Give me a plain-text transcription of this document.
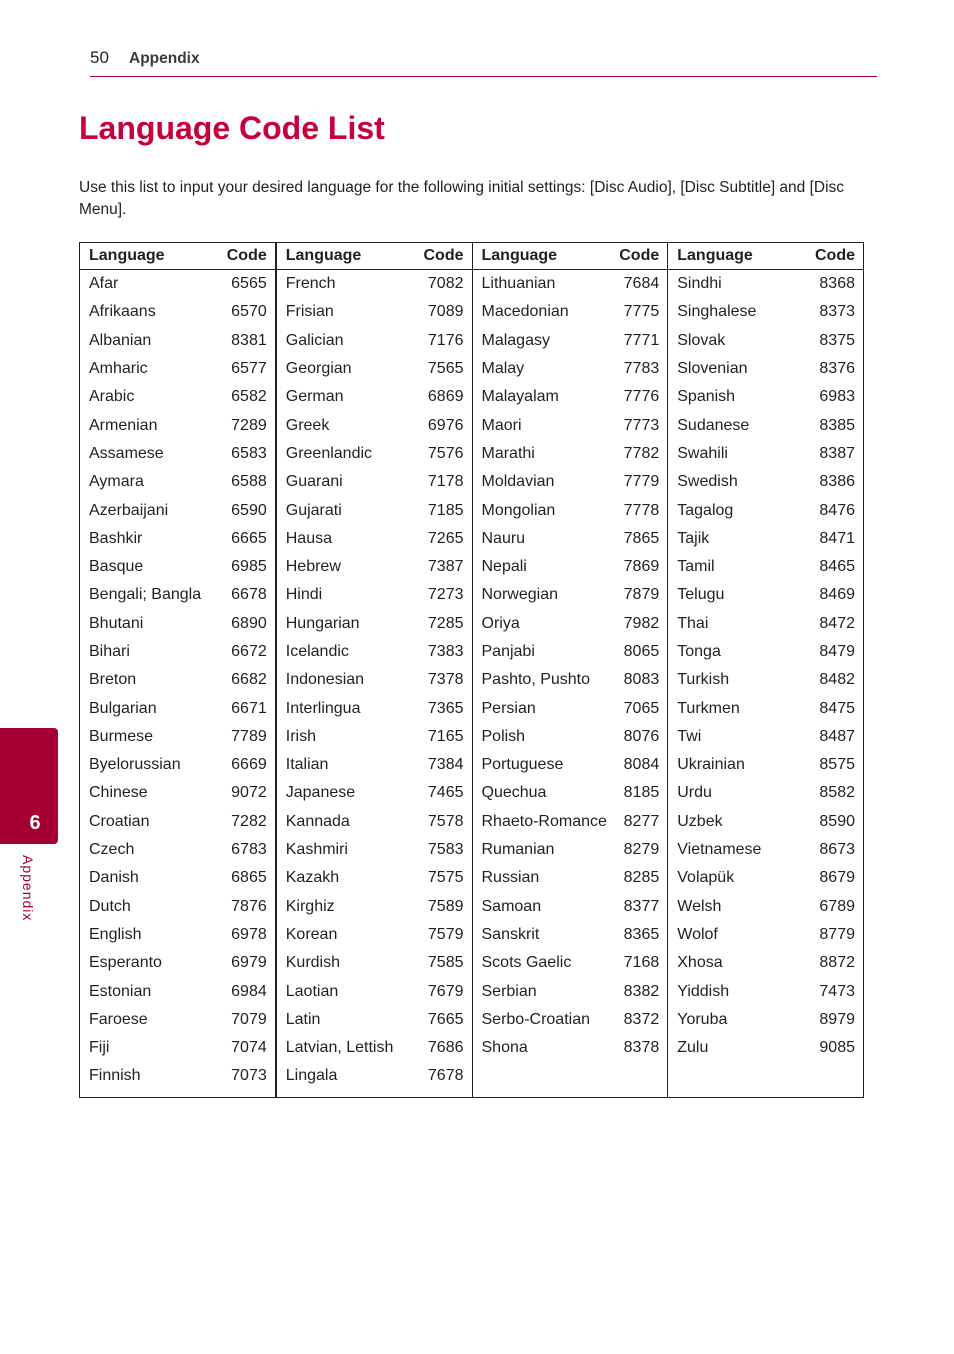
50 Appendix
Language Code List

Use this list to input your desired language for the following initial settings: [Disc Audio], [Disc Subtitle] and [Disc Menu].

Language	Code
Afar	6565
Afrikaans	6570
Albanian	8381
Amharic	6577
Arabic	6582
Armenian	7289
Assamese	6583
Aymara	6588
Azerbaijani	6590
Bashkir	6665
Basque	6985
Bengali; Bangla 6678
Bhutani	6890
Bihari	6672
Breton	6682
Bulgarian	6671
Burmese	7789
Byelorussian	6669
Chinese	9072
Croatian	7282
Czech	6783
Danish	6865
Dutch	7876
English	6978
Esperanto	6979
Estonian	6984
Faroese	7079
Fiji	7074
Finnish	7073
Language	Code
French	7082
Frisian	7089
Galician	7176
Georgian	7565
German	6869
Greek	6976
Greenlandic	7576
Guarani	7178
Gujarati	7185
Hausa	7265
Hebrew	7387
Hindi	7273
Hungarian	7285
Icelandic	7383
Indonesian	7378
Interlingua	7365
Irish	7165
Italian	7384
Japanese	7465
Kannada	7578
Kashmiri	7583
Kazakh	7575
Kirghiz	7589
Korean	7579
Kurdish	7585
Laotian	7679
Latin	7665
Latvian, Lettish 7686
Lingala	7678
Language	Code
Lithuanian	7684
Macedonian	7775
Malagasy	7771
Malay	7783
Malayalam	7776
Maori	7773
Marathi	7782
Moldavian	7779
Mongolian	7778
Nauru	7865
Nepali	7869
Norwegian	7879
Oriya	7982
Panjabi	8065
Pashto, Pushto 8083
Persian	7065
Polish	8076
Portuguese	8084
Quechua	8185
Rhaeto-Romance 8277
Rumanian	8279
Russian	8285
Samoan	8377
Sanskrit	8365
Scots Gaelic	7168
Serbian	8382
Serbo-Croatian 8372
Shona	8378
Language	Code
Sindhi	8368
Singhalese	8373
Slovak	8375
Slovenian	8376
Spanish	6983
Sudanese	8385
Swahili	8387
Swedish	8386
Tagalog	8476
Tajik	8471
Tamil	8465
Telugu	8469
Thai	8472
Tonga	8479
Turkish	8482
Turkmen	8475
Twi	8487
Ukrainian	8575
Urdu	8582
Uzbek	8590
Vietnamese	8673
Volapük	8679
Welsh	6789
Wolof	8779
Xhosa	8872
Yiddish	7473
Yoruba	8979
Zulu	9085
6
Appendix
